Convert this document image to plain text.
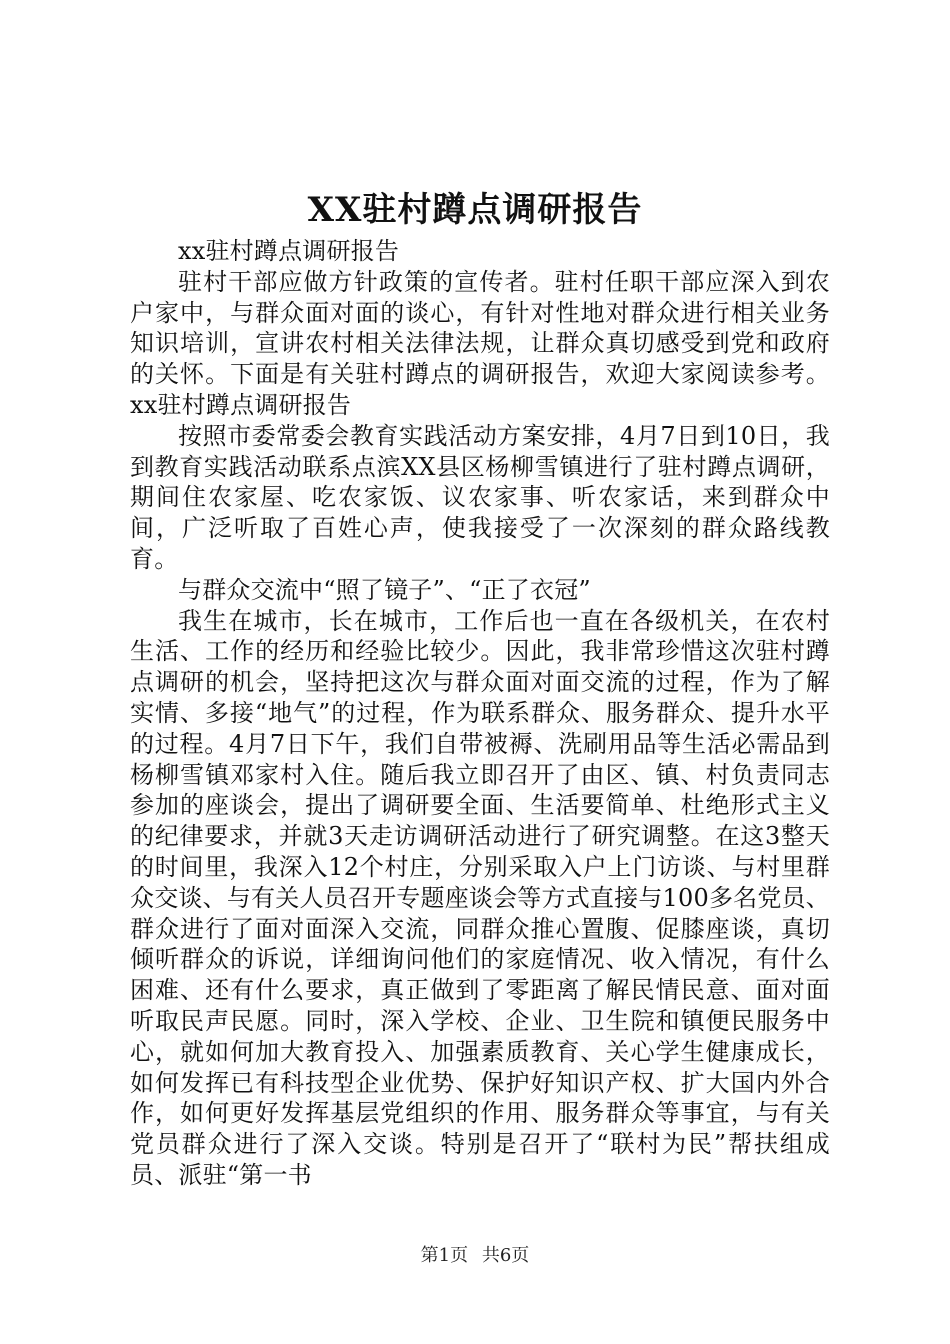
XX驻村蹲点调研报告

xx驻村蹲点调研报告

驻村干部应做方针政策的宣传者。驻村任职干部应深入到农户家中，与群众面对面的谈心，有针对性地对群众进行相关业务知识培训，宣讲农村相关法律法规，让群众真切感受到党和政府的关怀。下面是有关驻村蹲点的调研报告，欢迎大家阅读参考。xx驻村蹲点调研报告

按照市委常委会教育实践活动方案安排，4月7日到10日，我到教育实践活动联系点滨XX县区杨柳雪镇进行了驻村蹲点调研，期间住农家屋、吃农家饭、议农家事、听农家话，来到群众中间，广泛听取了百姓心声，使我接受了一次深刻的群众路线教育。

与群众交流中“照了镜子”、“正了衣冠”

我生在城市，长在城市，工作后也一直在各级机关，在农村生活、工作的经历和经验比较少。因此，我非常珍惜这次驻村蹲点调研的机会，坚持把这次与群众面对面交流的过程，作为了解实情、多接“地气”的过程，作为联系群众、服务群众、提升水平的过程。4月7日下午，我们自带被褥、洗刷用品等生活必需品到杨柳雪镇邓家村入住。随后我立即召开了由区、镇、村负责同志参加的座谈会，提出了调研要全面、生活要简单、杜绝形式主义的纪律要求，并就3天走访调研活动进行了研究调整。在这3整天的时间里，我深入12个村庄，分别采取入户上门访谈、与村里群众交谈、与有关人员召开专题座谈会等方式直接与100多名党员、群众进行了面对面深入交流，同群众推心置腹、促膝座谈，真切倾听群众的诉说，详细询问他们的家庭情况、收入情况，有什么困难、还有什么要求，真正做到了零距离了解民情民意、面对面听取民声民愿。同时，深入学校、企业、卫生院和镇便民服务中心，就如何加大教育投入、加强素质教育、关心学生健康成长，如何发挥已有科技型企业优势、保护好知识产权、扩大国内外合作，如何更好发挥基层党组织的作用、服务群众等事宜，与有关党员群众进行了深入交谈。特别是召开了“联村为民”帮扶组成员、派驻“第一书

第1页 共6页
